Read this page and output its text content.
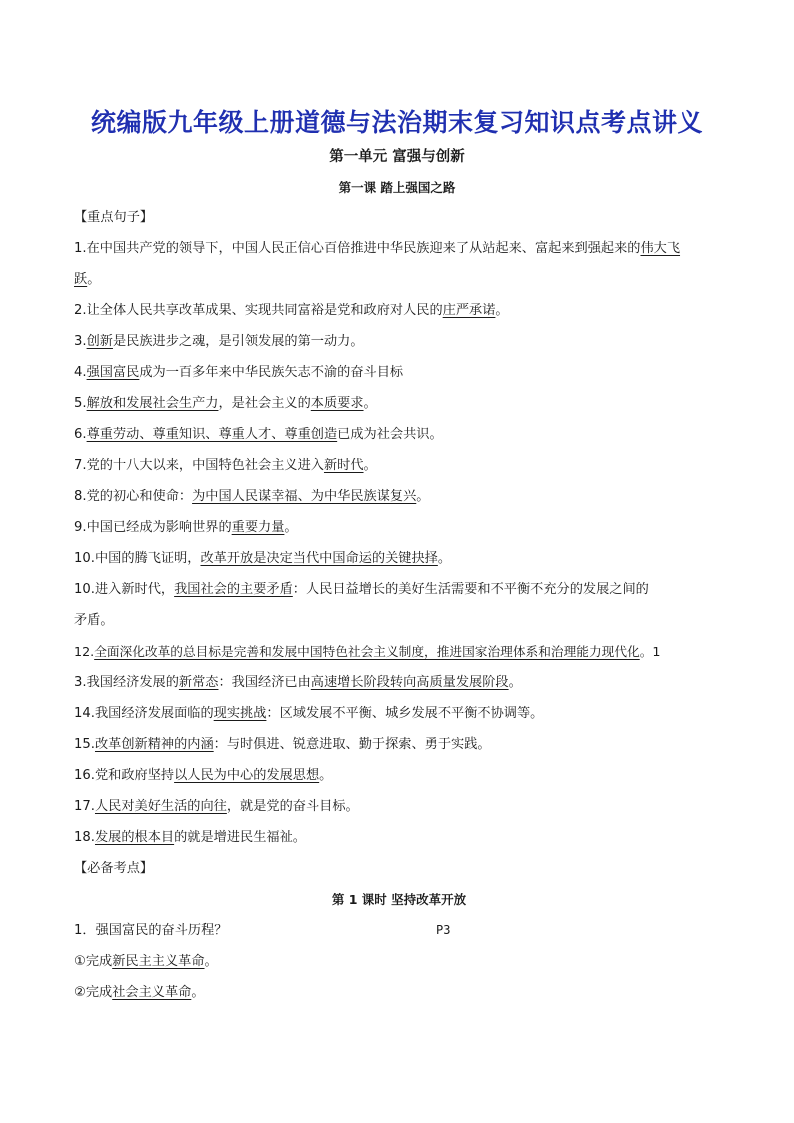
统编版九年级上册道德与法治期末复习知识点考点讲义
第一单元 富强与创新
第一课 踏上强国之路
【重点句子】
1.在中国共产党的领导下，中国人民正信心百倍推进中华民族迎来了从站起来、富起来到强起来的伟大飞
跃。
2.让全体人民共享改革成果、实现共同富裕是党和政府对人民的庄严承诺。
3.创新是民族进步之魂，是引领发展的第一动力。
4.强国富民成为一百多年来中华民族矢志不渝的奋斗目标
5.解放和发展社会生产力，是社会主义的本质要求。
6.尊重劳动、尊重知识、尊重人才、尊重创造已成为社会共识。
7.党的十八大以来，中国特色社会主义进入新时代。
8.党的初心和使命：为中国人民谋幸福、为中华民族谋复兴。
9.中国已经成为影响世界的重要力量。
10.中国的腾飞证明，改革开放是决定当代中国命运的关键抉择。
10.进入新时代，我国社会的主要矛盾：人民日益增长的美好生活需要和不平衡不充分的发展之间的
矛盾。
12.全面深化改革的总目标是完善和发展中国特色社会主义制度，推进国家治理体系和治理能力现代化。1
3.我国经济发展的新常态：我国经济已由高速增长阶段转向高质量发展阶段。
14.我国经济发展面临的现实挑战：区域发展不平衡、城乡发展不平衡不协调等。
15.改革创新精神的内涵：与时俱进、锐意进取、勤于探索、勇于实践。
16.党和政府坚持以人民为中心的发展思想。
17.人民对美好生活的向往，就是党的奋斗目标。
18.发展的根本目的就是增进民生福祉。
【必备考点】
第 1 课时 坚持改革开放
1．强国富民的奋斗历程？	P3
①完成新民主主义革命。
②完成社会主义革命。
